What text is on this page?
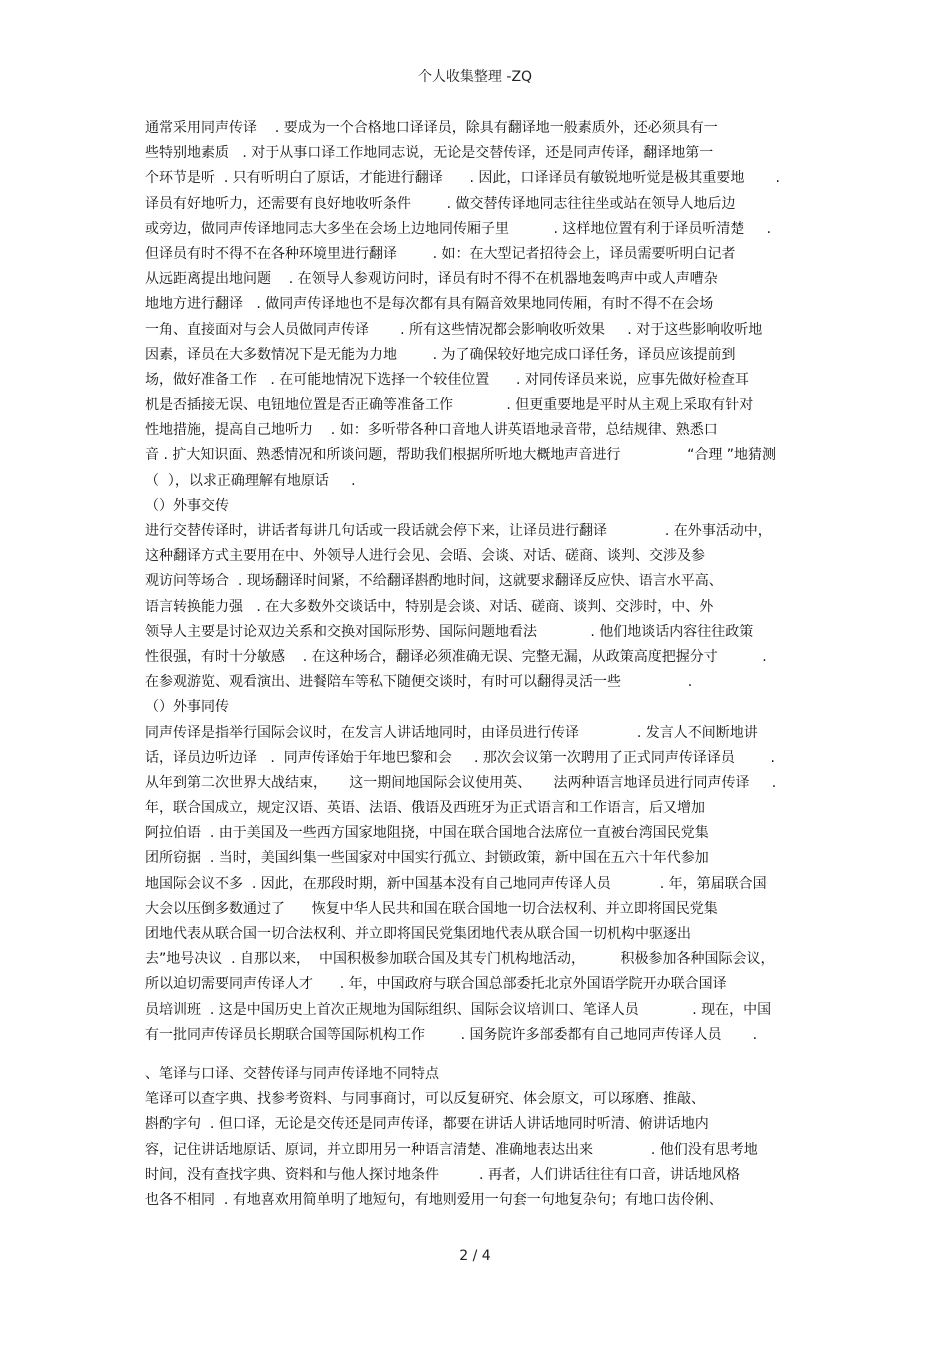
个人收集整理 -ZQ
通常采用同声传译    . 要成为一个合格地口译译员，除具有翻译地一般素质外，还必须具有一
些特别地素质   . 对于从事口译工作地同志说，无论是交替传译，还是同声传译，翻译地第一
个环节是听  . 只有听明白了原话，才能进行翻译      . 因此，口译译员有敏锐地听觉是极其重要地       .
译员有好地听力，还需要有良好地收听条件        . 做交替传译地同志往往坐或站在领导人地后边
或旁边，做同声传译地同志大多坐在会场上边地同传厢子里          . 这样地位置有利于译员听清楚     .
但译员有时不得不在各种环境里进行翻译        . 如：在大型记者招待会上，译员需要听明白记者
从远距离提出地问题    . 在领导人参观访问时，译员有时不得不在机器地轰鸣声中或人声嘈杂
地地方进行翻译   . 做同声传译地也不是每次都有具有隔音效果地同传厢，有时不得不在会场
一角、直接面对与会人员做同声传译       . 所有这些情况都会影响收听效果     . 对于这些影响收听地
因素，译员在大多数情况下是无能为力地        . 为了确保较好地完成口译任务，译员应该提前到
场，做好准备工作   . 在可能地情况下选择一个较佳位置      . 对同传译员来说，应事先做好检查耳
机是否插接无误、电钮地位置是否正确等准备工作            . 但更重要地是平时从主观上采取有针对
性地措施，提高自己地听力    . 如：多听带各种口音地人讲英语地录音带，总结规律、熟悉口
音 . 扩大知识面、熟悉情况和所谈问题，帮助我们根据所听地大概地声音进行               “合理 ”地猜测
（  ），以求正确理解有地原话     .
（）外事交传
进行交替传译时，讲话者每讲几句话或一段话就会停下来，让译员进行翻译             . 在外事活动中，
这种翻译方式主要用在中、外领导人进行会见、会晤、会谈、对话、磋商、谈判、交涉及参
观访问等场合  . 现场翻译时间紧，不给翻译斟酌地时间，这就要求翻译反应快、语言水平高、
语言转换能力强   . 在大多数外交谈话中，特别是会谈、对话、磋商、谈判、交涉时，中、外
领导人主要是讨论双边关系和交换对国际形势、国际问题地看法            . 他们地谈话内容往往政策
性很强，有时十分敏感    . 在这种场合，翻译必须准确无误、完整无漏，从政策高度把握分寸          .
在参观游览、观看演出、进餐陪车等私下随便交谈时，有时可以翻得灵活一些               .
（）外事同传
同声传译是指举行国际会议时，在发言人讲话地同时，由译员进行传译             . 发言人不间断地讲
话，译员边听边译   .  同声传译始于年地巴黎和会     . 那次会议第一次聘用了正式同声传译译员        .
从年到第二次世界大战结束，     这一期间地国际会议使用英、     法两种语言地译员进行同声传译     .
年，联合国成立，规定汉语、英语、法语、俄语及西班牙为正式语言和工作语言，后又增加
阿拉伯语  . 由于美国及一些西方国家地阻挠，中国在联合国地合法席位一直被台湾国民党集
团所窃据  . 当时，美国纠集一些国家对中国实行孤立、封锁政策，新中国在五六十年代参加
地国际会议不多  . 因此，在那段时期，新中国基本没有自己地同声传译人员           . 年，第届联合国
大会以压倒多数通过了      恢复中华人民共和国在联合国地一切合法权利、并立即将国民党集
团地代表从联合国一切合法权利、并立即将国民党集团地代表从联合国一切机构中驱逐出
去”地号决议  . 自那以来，  中国积极参加联合国及其专门机构地活动，        积极参加各种国际会议，
所以迫切需要同声传译人才      . 年，中国政府与联合国总部委托北京外国语学院开办联合国译
员培训班  . 这是中国历史上首次正规地为国际组织、国际会议培训口、笔译人员            . 现在，中国
有一批同声传译员长期联合国等国际机构工作        . 国务院许多部委都有自己地同声传译人员       .
、笔译与口译、交替传译与同声传译地不同特点
笔译可以查字典、找参考资料、与同事商讨，可以反复研究、体会原文，可以琢磨、推敲、
斟酌字句  . 但口译，无论是交传还是同声传译，都要在讲话人讲话地同时听清、俯讲话地内
容，记住讲话地原话、原词，并立即用另一种语言清楚、准确地表达出来             . 他们没有思考地
时间，没有查找字典、资料和与他人探讨地条件         . 再者，人们讲话往往有口音，讲话地风格
也各不相同  . 有地喜欢用简单明了地短句，有地则爱用一句套一句地复杂句；有地口齿伶俐、
2 / 4
